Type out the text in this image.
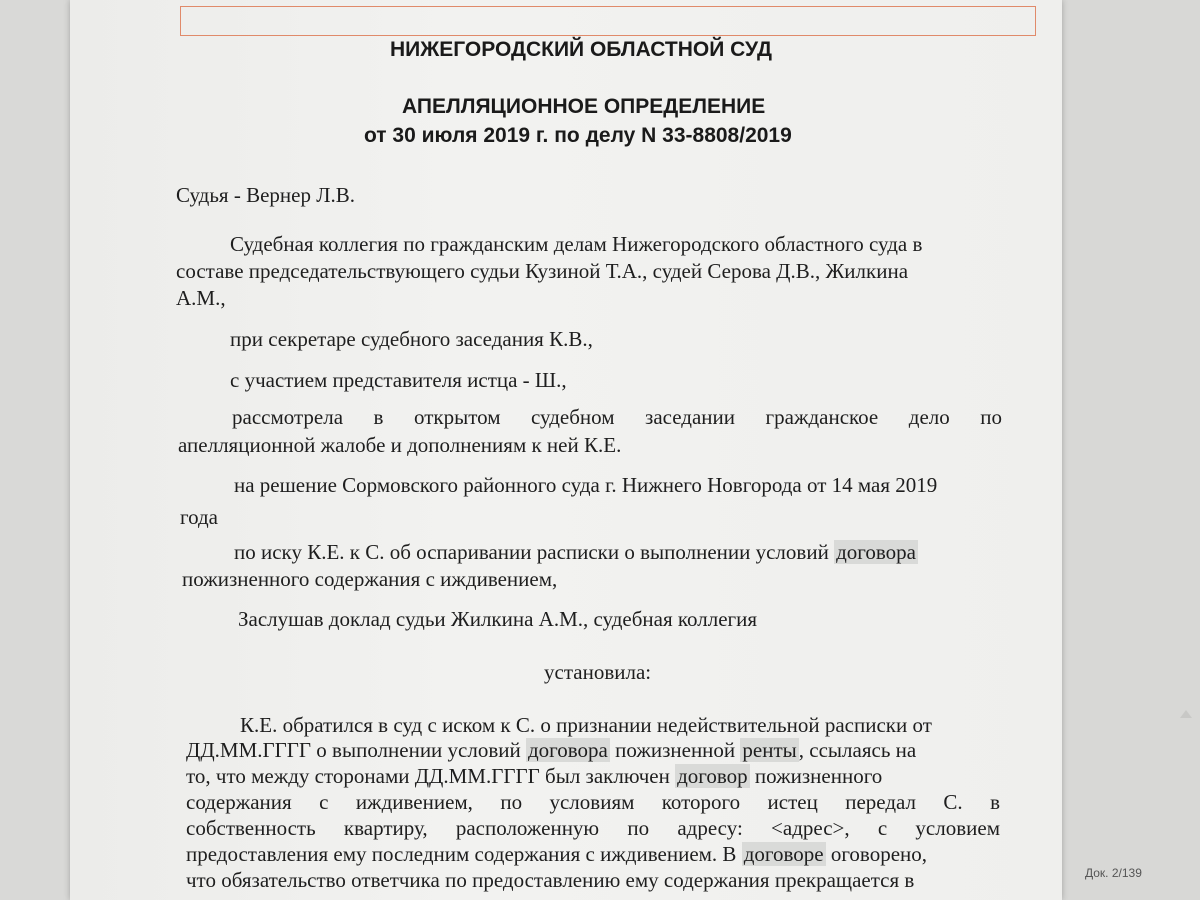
Док. 2/139
НИЖЕГОРОДСКИЙ ОБЛАСТНОЙ СУД
АПЕЛЛЯЦИОННОЕ ОПРЕДЕЛЕНИЕ
от 30 июля 2019 г. по делу N 33-8808/2019
Судья - Вернер Л.В.
Судебная коллегия по гражданским делам Нижегородского областного суда в
составе председательствующего судьи Кузиной Т.А., судей Серова Д.В., Жилкина
А.М.,
при секретаре судебного заседания К.В.,
с участием представителя истца - Ш.,
рассмотрела в открытом судебном заседании гражданское дело по
апелляционной жалобе и дополнениям к ней К.Е.
на решение Сормовского районного суда г. Нижнего Новгорода от 14 мая 2019
года
по иску К.Е. к С. об оспаривании расписки о выполнении условий договора
пожизненного содержания с иждивением,
Заслушав доклад судьи Жилкина А.М., судебная коллегия
установила:
К.Е. обратился в суд с иском к С. о признании недействительной расписки от
ДД.ММ.ГГГГ о выполнении условий договора пожизненной ренты, ссылаясь на
то, что между сторонами ДД.ММ.ГГГГ был заключен договор пожизненного
содержания с иждивением, по условиям которого истец передал С. в
собственность квартиру, расположенную по адресу: <адрес>, с условием
предоставления ему последним содержания с иждивением. В договоре оговорено,
что обязательство ответчика по предоставлению ему содержания прекращается в
